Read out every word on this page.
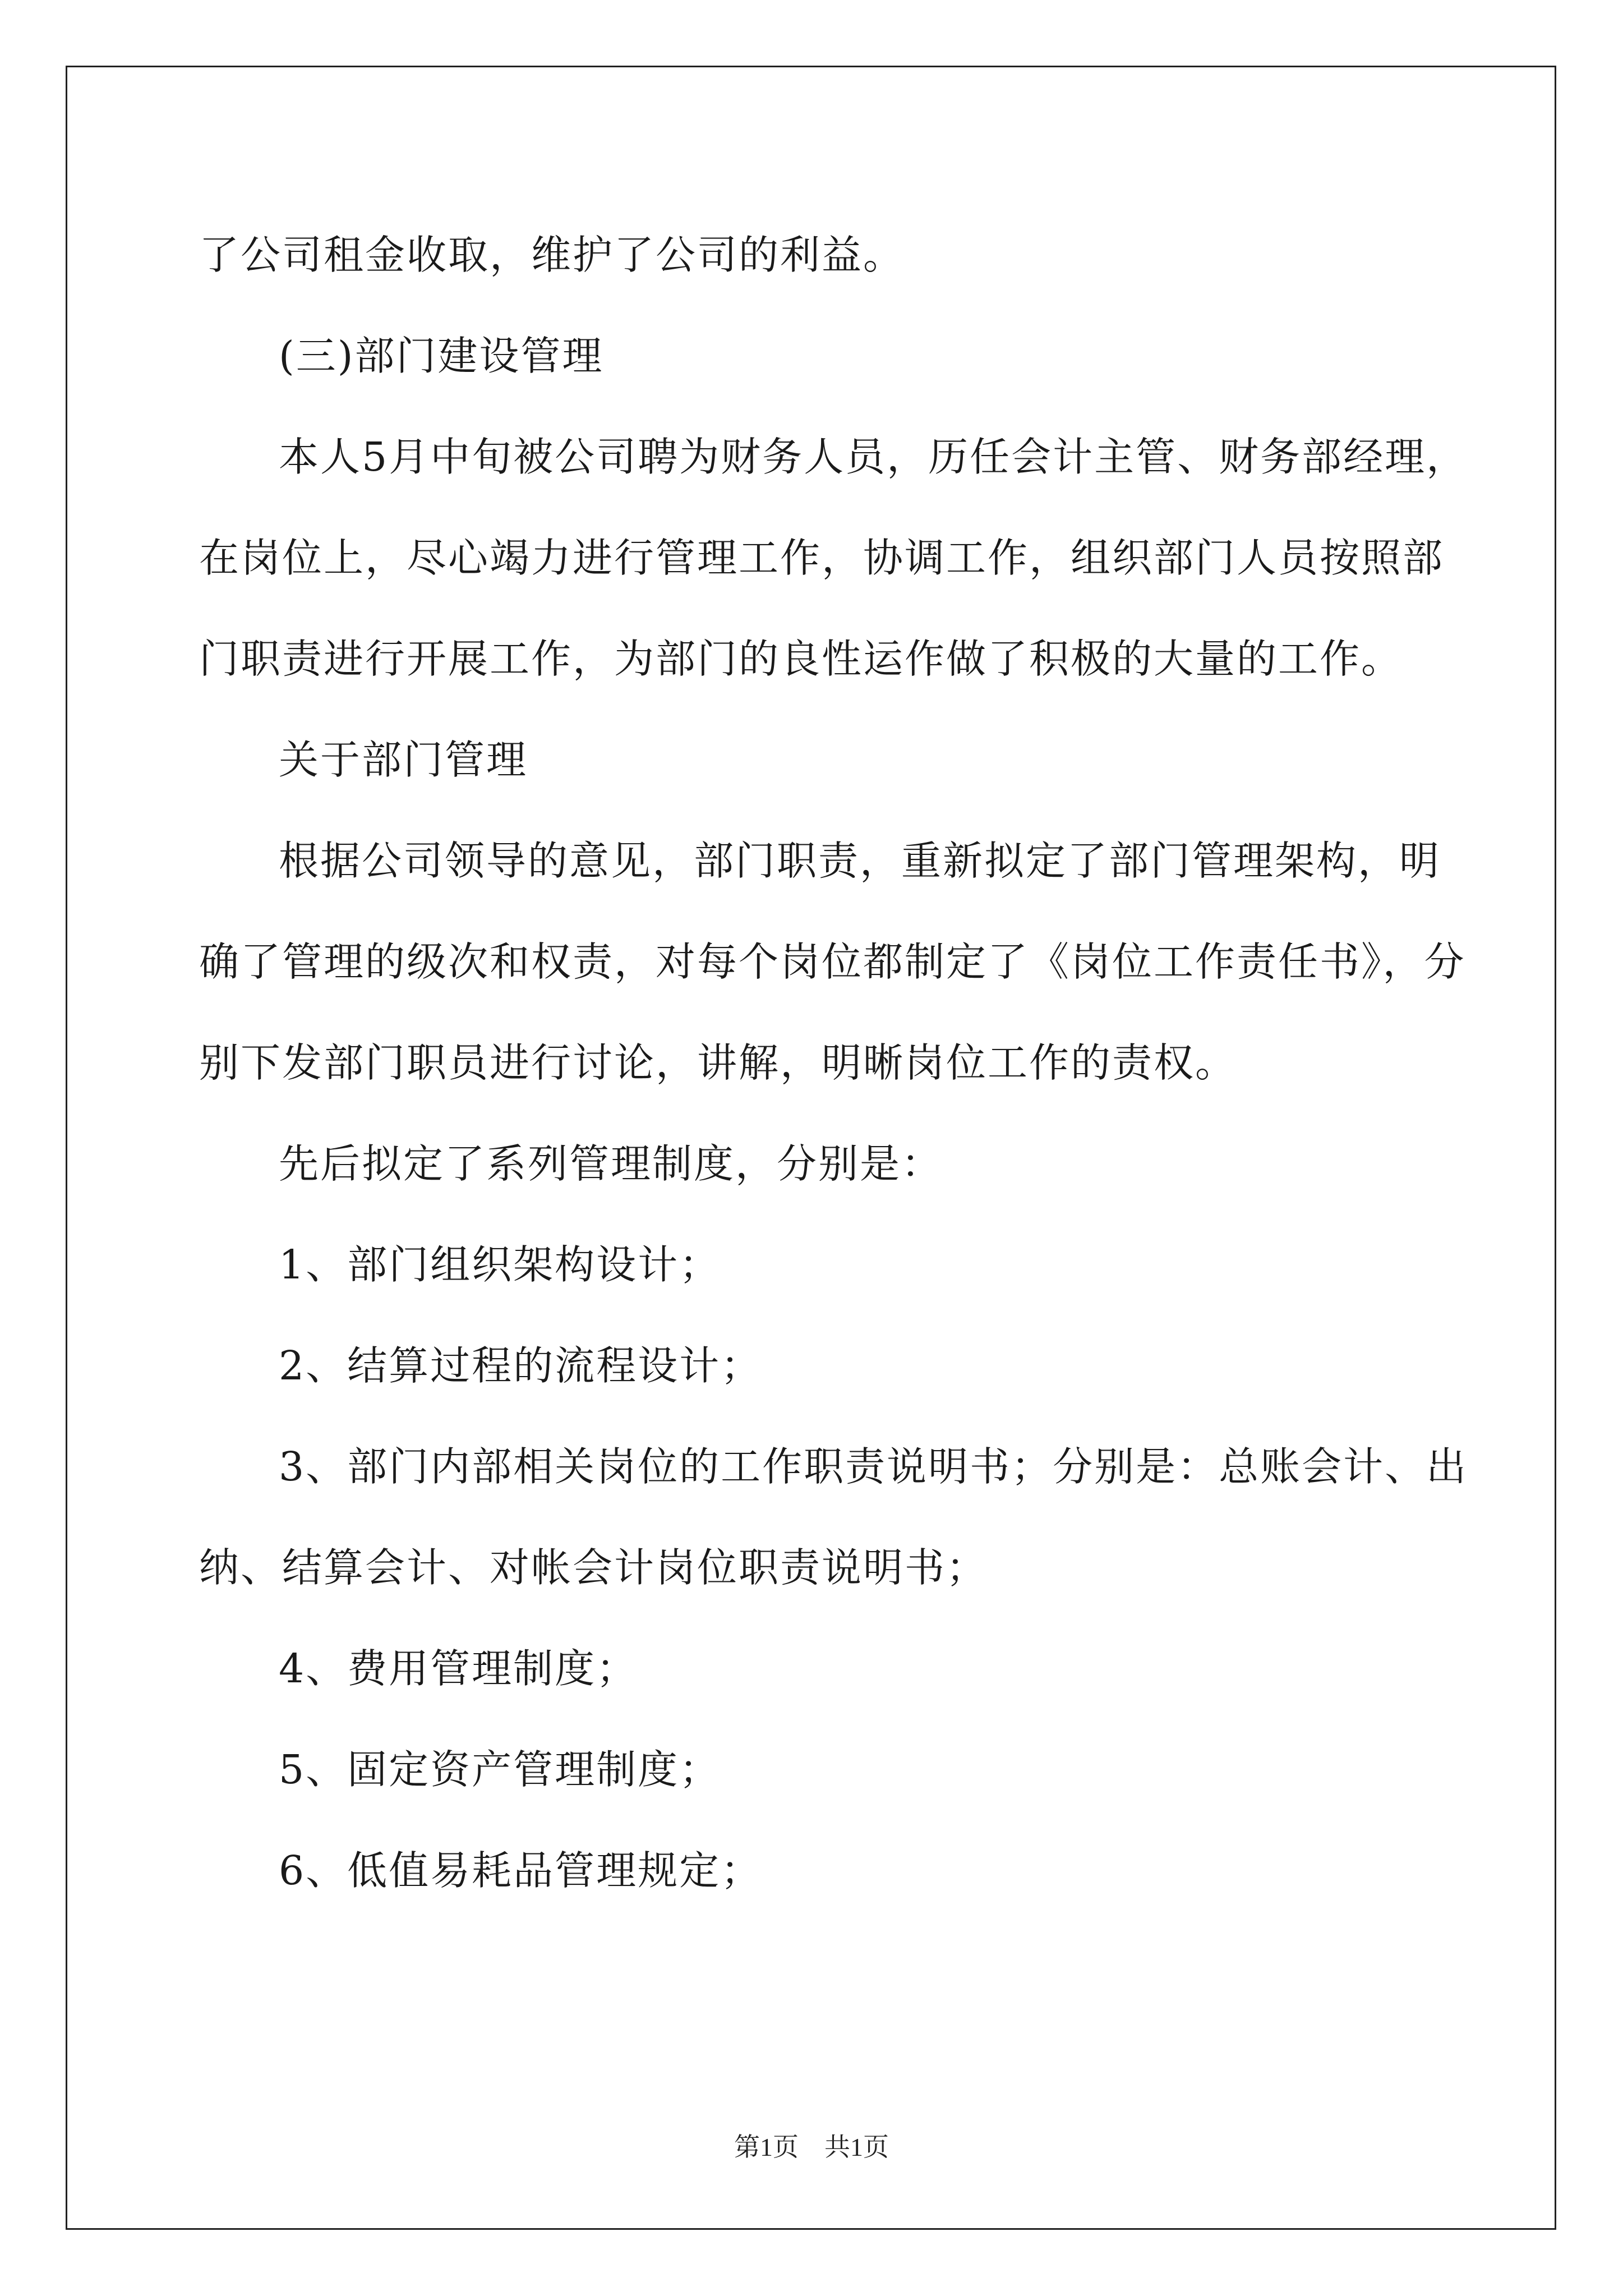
了公司租金收取，维护了公司的利益。
(三)部门建设管理
本人5月中旬被公司聘为财务人员，历任会计主管、财务部经理，
在岗位上，尽心竭力进行管理工作，协调工作，组织部门人员按照部
门职责进行开展工作，为部门的良性运作做了积极的大量的工作。
关于部门管理
根据公司领导的意见，部门职责，重新拟定了部门管理架构，明
确了管理的级次和权责，对每个岗位都制定了《岗位工作责任书》，分
别下发部门职员进行讨论，讲解，明晰岗位工作的责权。
先后拟定了系列管理制度，分别是：
1、部门组织架构设计；
2、结算过程的流程设计；
3、部门内部相关岗位的工作职责说明书；分别是：总账会计、出
纳、结算会计、对帐会计岗位职责说明书；
4、费用管理制度；
5、固定资产管理制度；
6、低值易耗品管理规定；
第1页　共1页
